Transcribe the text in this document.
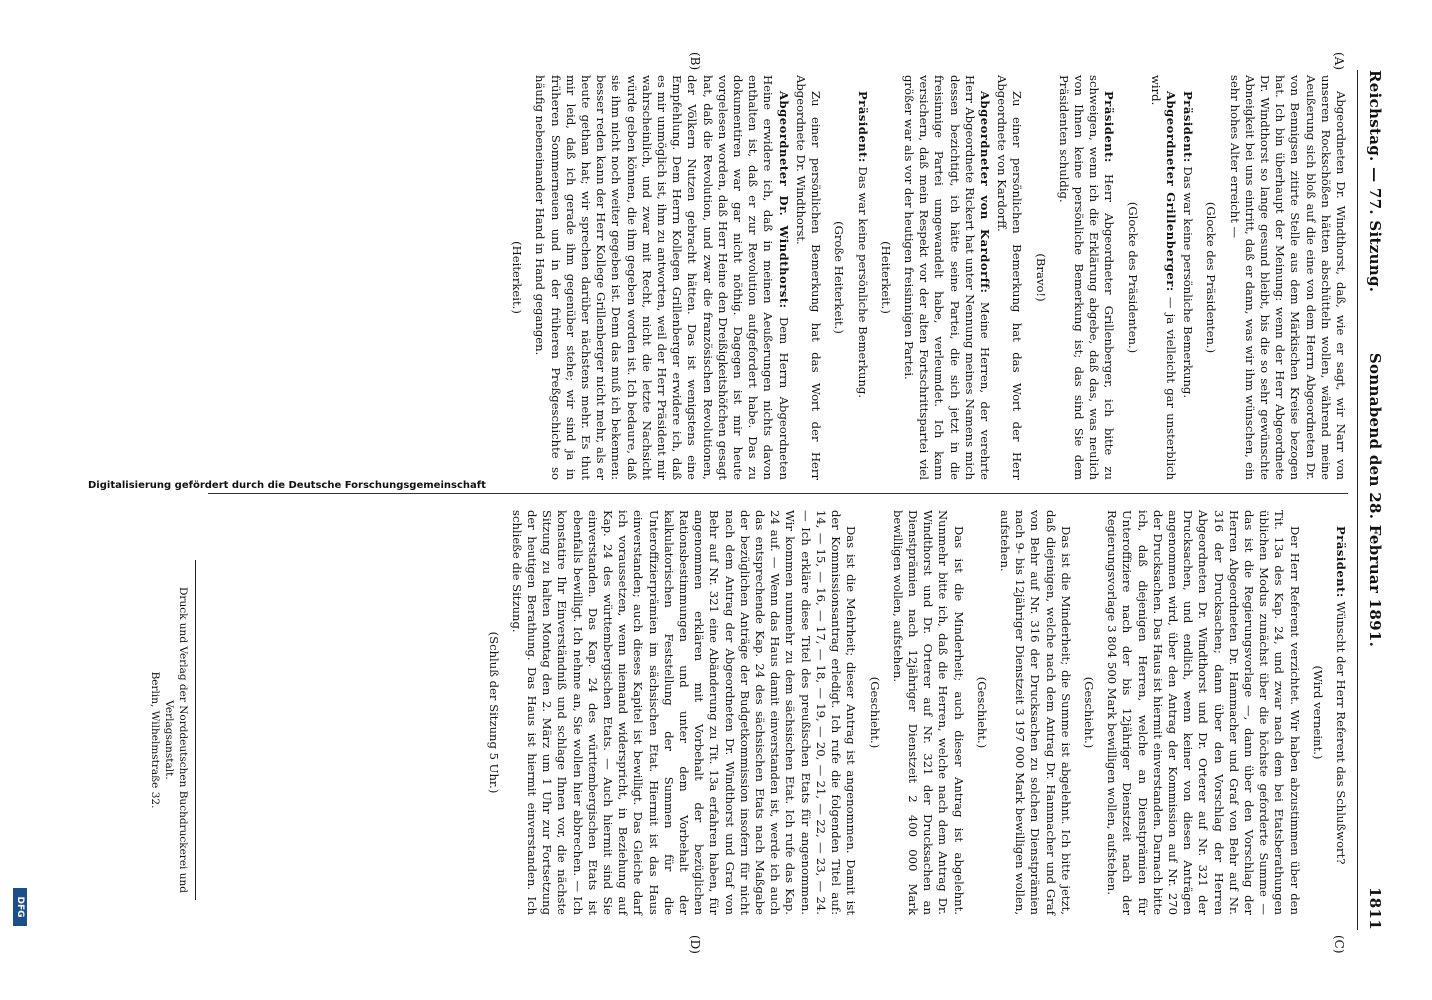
Reichstag. — 77. Sitzung.
Sonnabend den 28. Februar 1891.
1811
(A)
(B)
(C)
(D)
Abgeordneten Dr. Windthorst, daß, wie er sagt, wir Narr von unseren Rockschößen hätten abschütteln wollen, während meine Aeußerung sich bloß auf die eine von dem Herrn Abgeordneten Dr. von Bennigsen zitirte Stelle aus dem Märkischen Kreise bezogen hat. Ich bin überhaupt der Meinung: wenn der Herr Abgeordnete Dr. Windthorst so lange gesund bleibt, bis die so sehr gewünschte Abneigkeit bei uns eintritt, daß er dann, was wir ihm wünschen, ein sehr hohes Alter erreicht —
(Glocke des Präsidenten.)
Präsident: Das war keine persönliche Bemerkung.
Abgeordneter Grillenberger: — ja vielleicht gar unsterblich wird.
(Glocke des Präsidenten.)
Präsident: Herr Abgeordneter Grillenberger, ich bitte zu schweigen, wenn ich die Erklärung abgebe, daß das, was neulich von Ihnen keine persönliche Bemerkung ist; das sind Sie dem Präsidenten schuldig.
(Bravo!)
Zu einer persönlichen Bemerkung hat das Wort der Herr Abgeordnete von Kardorff.
Abgeordneter von Kardorff: Meine Herren, der verehrte Herr Abgeordnete Rickert hat unter Nennung meines Namens mich dessen bezichtigt, ich hätte seine Partei, die sich jetzt in die freisinnige Partei umgewandelt habe, verleumdet. Ich kann versichern, daß mein Respekt vor der alten Fortschrittspartei viel größer war als vor der heutigen freisinnigen Partei.
(Heiterkeit.)
Präsident: Das war keine persönliche Bemerkung.
(Große Heiterkeit.)
Zu einer persönlichen Bemerkung hat das Wort der Herr Abgeordnete Dr. Windthorst.
Abgeordneter Dr. Windthorst: Dem Herrn Abgeordneten Heine erwidere ich, daß in meinen Aeußerungen nichts davon enthalten ist, daß er zur Revolution aufgefordert habe. Das zu dokumentiren war gar nicht nöthig. Dagegen ist mir heute vorgelesen worden, daß Herr Heine den Dreißigkeitshöfchen gesagt hat, daß die Revolution, und zwar die französischen Revolutionen, der Völkern Nutzen gebracht hätten. Das ist wenigstens eine Empfehlung. Dem Herrn Kollegen Grillenberger erwidere ich, daß es mir unmöglich ist, ihm zu antworten, weil der Herr Präsident mir wahrscheinlich, und zwar mit Recht, nicht die letzte Nachsicht würde geben können, die ihm gegeben worden ist. Ich bedaure, daß sie ihm nicht noch weiter gegeben ist. Denn das muß ich bekennen: besser reden kann der Herr Kollege Grillenberger nicht mehr, als er heute gethan hat; wir sprechen darüber nächstens mehr. Es thut mir leid, daß ich gerade ihm gegenüber stehe; wir sind ja in früheren Sommerneuen und in der früheren Preßgeschichte so häufig nebeneinander Hand in Hand gegangen.
(Heiterkeit.)
Präsident: Wünscht der Herr Referent das Schlußwort?
(Wird verneint.)
Der Herr Referent verzichtet. Wir haben abzustimmen über den Tit. 13a des Kap. 24, und zwar nach dem bei Etatsberathungen üblichen Modus zunächst über die höchste geforderte Summe — das ist die Regierungsvorlage —, dann über den Vorschlag der Herren Abgeordneten Dr. Hammacher und Graf von Behr auf Nr. 316 der Drucksachen; dann über den Vorschlag der Herren Abgeordneten Dr. Windthorst und Dr. Orterer auf Nr. 321 der Drucksachen, und endlich, wenn keiner von diesen Anträgen angenommen wird, über den Antrag der Kommission auf Nr. 270 der Drucksachen. Das Haus ist hiermit einverstanden. Darnach bitte ich, daß diejenigen Herren, welche an Dienstprämien für Unteroffiziere nach der bis 12jähriger Dienstzeit nach der Regierungsvorlage 3 804 500 Mark bewilligen wollen, aufstehen.
(Geschieht.)
Das ist die Minderheit; die Summe ist abgelehnt. Ich bitte jetzt, daß diejenigen, welche nach dem Antrag Dr. Hammacher und Graf von Behr auf Nr. 316 der Drucksachen zu solchen Dienstprämien nach 9- bis 12jähriger Dienstzeit 3 197 000 Mark bewilligen wollen, aufstehen.
(Geschieht.)
Das ist die Minderheit; auch dieser Antrag ist abgelehnt. Nunmehr bitte ich, daß die Herren, welche nach dem Antrag Dr. Windthorst und Dr. Orterer auf Nr. 321 der Drucksachen an Dienstprämien nach 12jähriger Dienstzeit 2 400 000 Mark bewilligen wollen, aufstehen.
(Geschieht.)
Das ist die Mehrheit; dieser Antrag ist angenommen. Damit ist der Kommissionsantrag erledigt. Ich rufe die folgenden Titel auf: 14, — 15, — 16, — 17, — 18, — 19, — 20, — 21, — 22, — 23, — 24. — Ich erkläre diese Titel des preußischen Etats für angenommen. Wir kommen nunmehr zu dem sächsischen Etat. Ich rufe das Kap. 24 auf. — Wenn das Haus damit einverstanden ist, werde ich auch das entsprechende Kap. 24 des sächsischen Etats nach Maßgabe der bezüglichen Anträge der Budgetkommission insofern für nicht nach dem Antrag der Abgeordneten Dr. Windthorst und Graf von Behr auf Nr. 321 eine Abänderung zu Tit. 13a erfahren haben, für angenommen erklären mit Vorbehalt der bezüglichen Rationsbestimmungen und unter dem Vorbehalt der kalkulatorischen Feststellung der Summen für die Unteroffizierprämien im sächsischen Etat. Hiermit ist das Haus einverstanden; auch dieses Kapitel ist bewilligt. Das Gleiche darf ich voraussetzen, wenn niemand widerspricht, in Beziehung auf Kap. 24 des württembergischen Etats. — Auch hiermit sind Sie einverstanden. Das Kap. 24 des württembergischen Etats ist ebenfalls bewilligt. Ich nehme an, Sie wollen hier abbrechen. — Ich konstatire Ihr Einverständniß und schlage Ihnen vor, die nächste Sitzung zu halten Montag den 2. März um 1 Uhr zur Fortsetzung der heutigen Berathung. Das Haus ist hiermit einverstanden. Ich schließe die Sitzung.
(Schluß der Sitzung 5 Uhr.)
Druck und Verlag der Norddeutschen Buchdruckerei und Verlagsanstalt.
Berlin, Wilhelmstraße 32.
Digitalisierung gefördert durch die Deutsche Forschungsgemeinschaft
DFG
